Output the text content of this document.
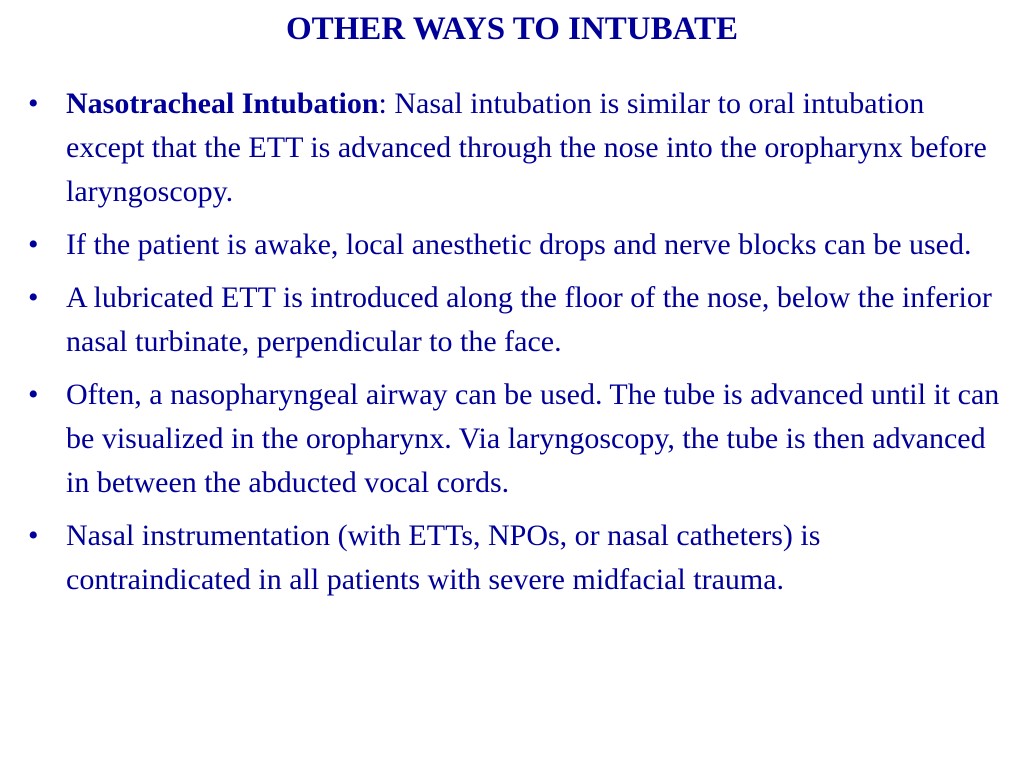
OTHER WAYS TO INTUBATE
• Nasotracheal Intubation: Nasal intubation is similar to oral intubation except that the ETT is advanced through the nose into the oropharynx before laryngoscopy.
• If the patient is awake, local anesthetic drops and nerve blocks can be used.
• A lubricated ETT is introduced along the floor of the nose, below the inferior nasal turbinate, perpendicular to the face.
• Often, a nasopharyngeal airway can be used. The tube is advanced until it can be visualized in the oropharynx. Via laryngoscopy, the tube is then advanced in between the abducted vocal cords.
• Nasal instrumentation (with ETTs, NPOs, or nasal catheters) is contraindicated in all patients with severe midfacial trauma.
